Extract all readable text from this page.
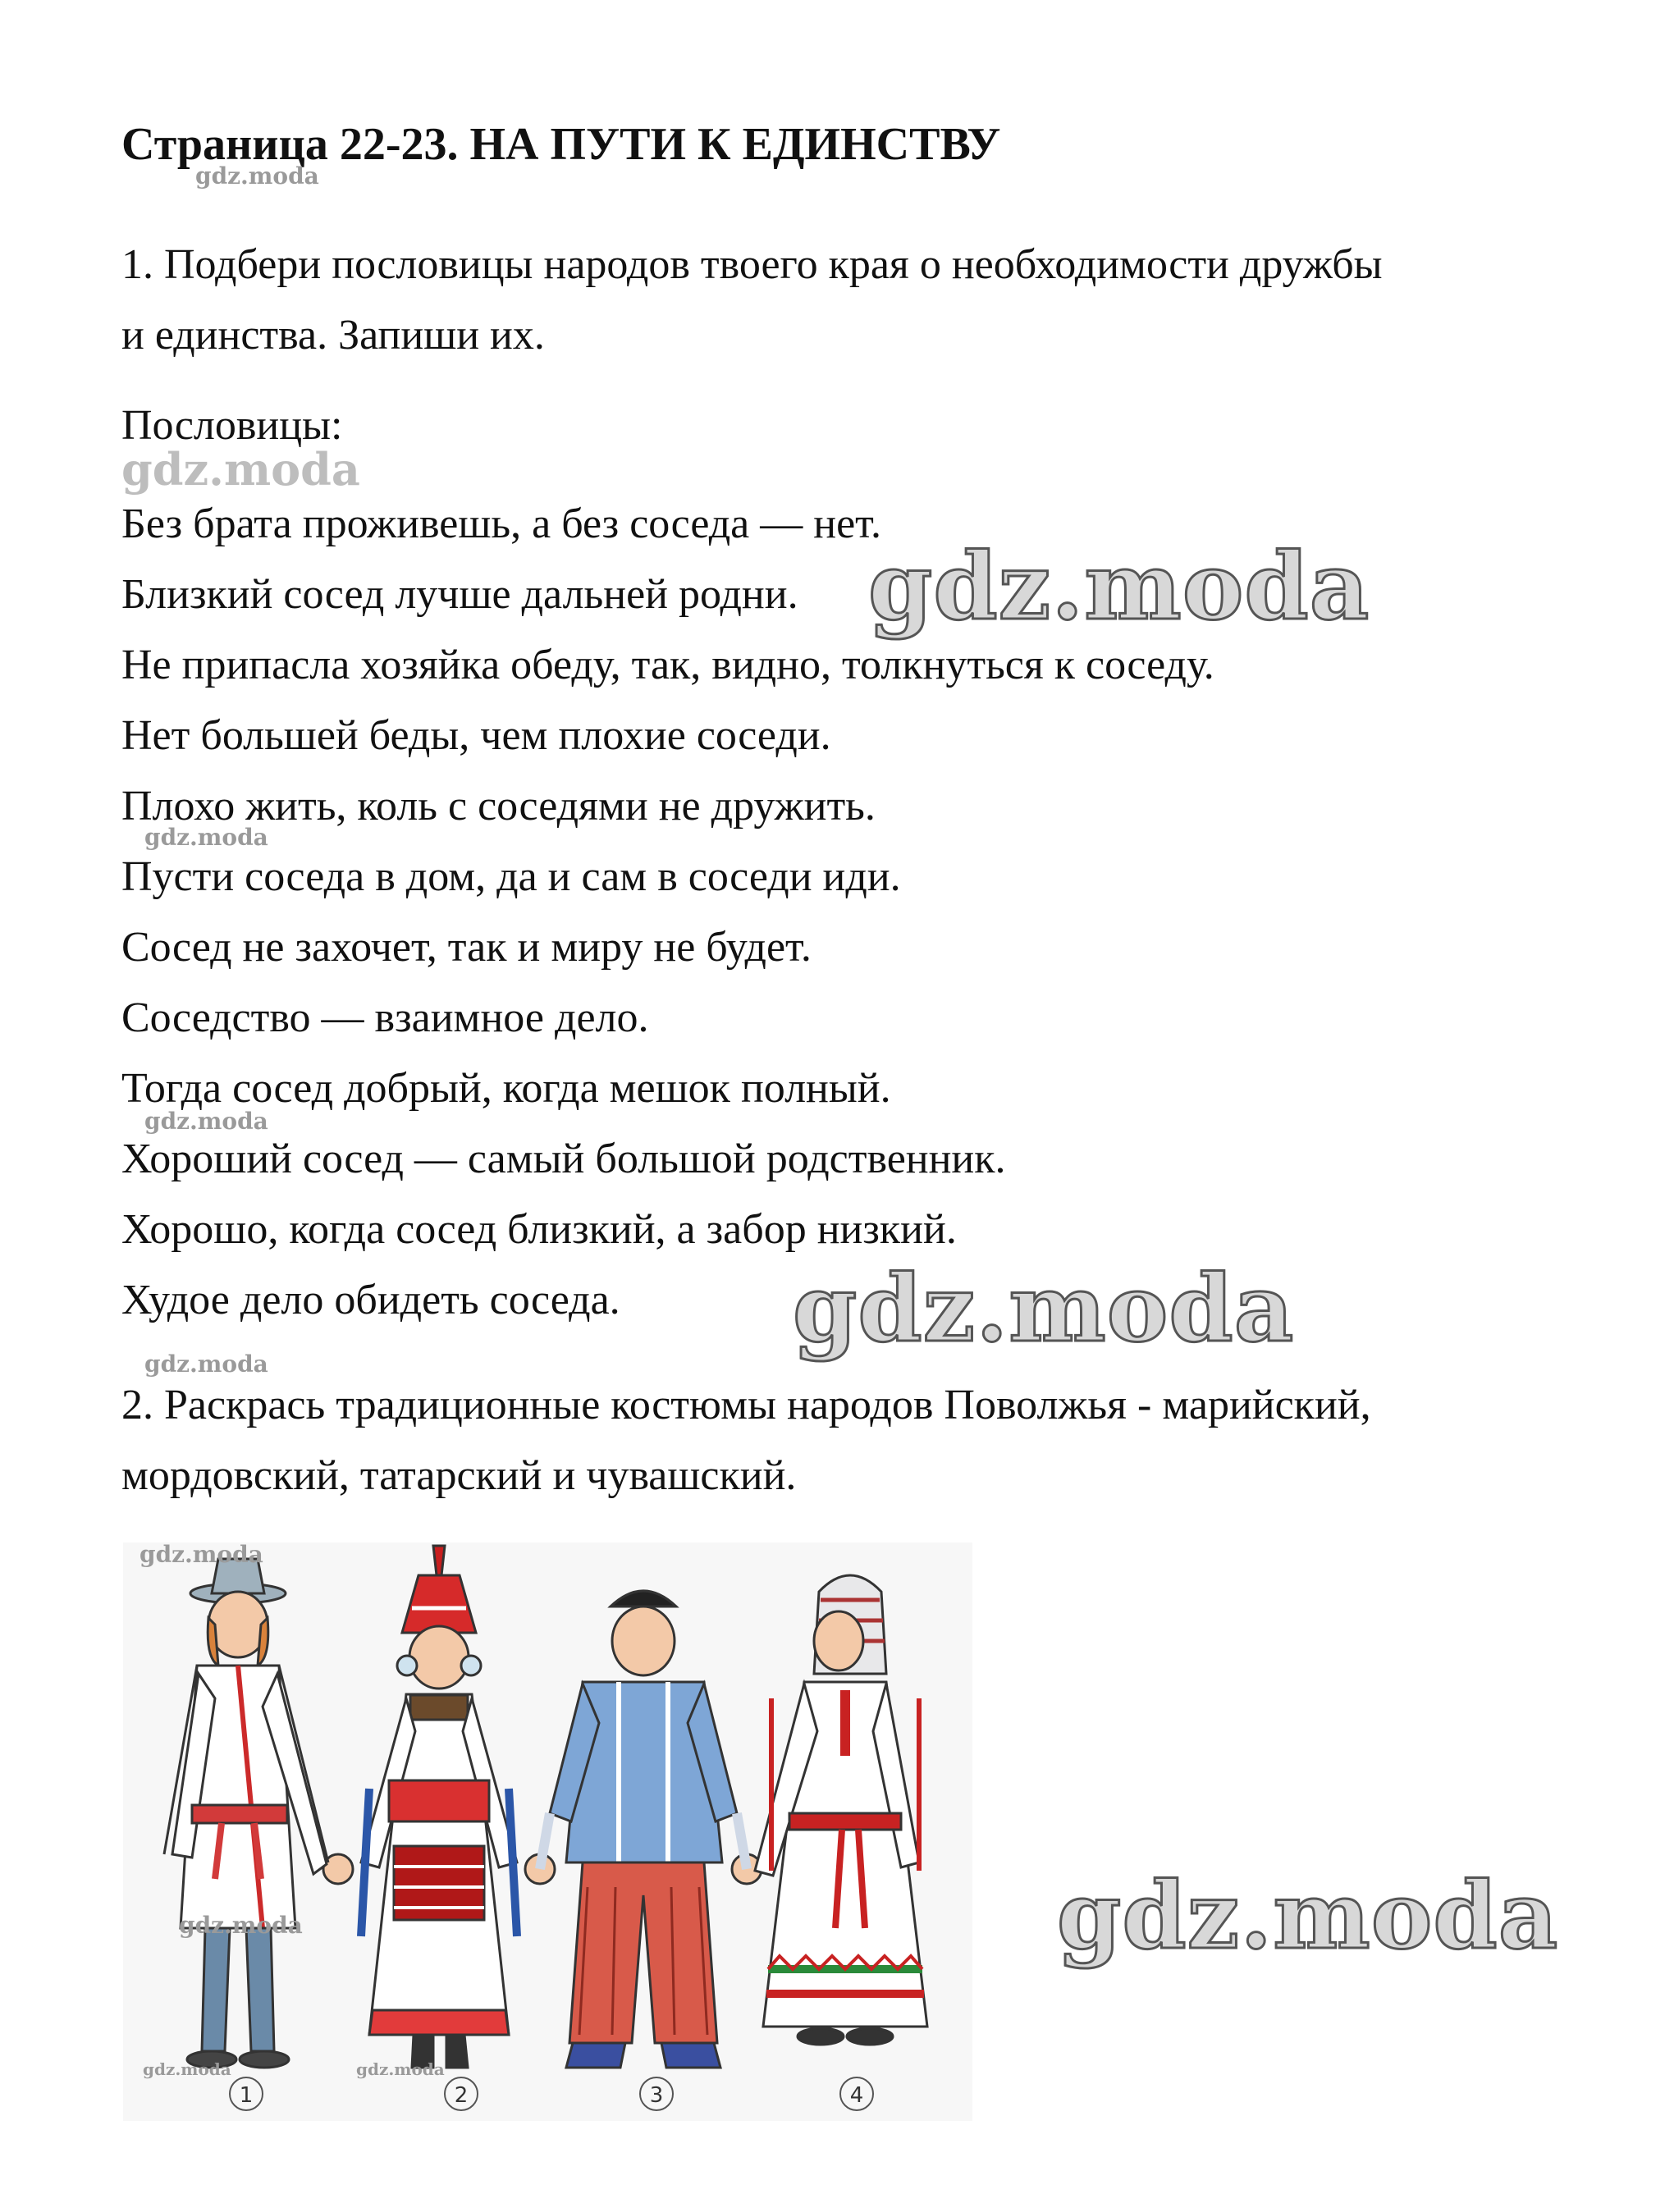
Страница 22-23. НА ПУТИ К ЕДИНСТВУ
1. Подбери пословицы народов твоего края о необходимости дружбы
и единства. Запиши их.
Пословицы:
Без брата проживешь, а без соседа — нет.
Близкий сосед лучше дальней родни.
Не припасла хозяйка обеду, так, видно, толкнуться к соседу.
Нет большей беды, чем плохие соседи.
Плохо жить, коль с соседями не дружить.
Пусти соседа в дом, да и сам в соседи иди.
Сосед не захочет, так и миру не будет.
Соседство — взаимное дело.
Тогда сосед добрый, когда мешок полный.
Хороший сосед — самый большой родственник.
Хорошо, когда сосед близкий, а забор низкий.
Худое дело обидеть соседа.
2. Раскрась традиционные костюмы народов Поволжья - марийский,
мордовский, татарский и чувашский.
1	2	3	4
gdz.moda
gdz.moda
gdz.moda
gdz.moda
gdz.moda
gdz.moda
gdz.moda
gdz.moda
gdz.moda	gdz.moda
gdz.moda	gdz.moda
